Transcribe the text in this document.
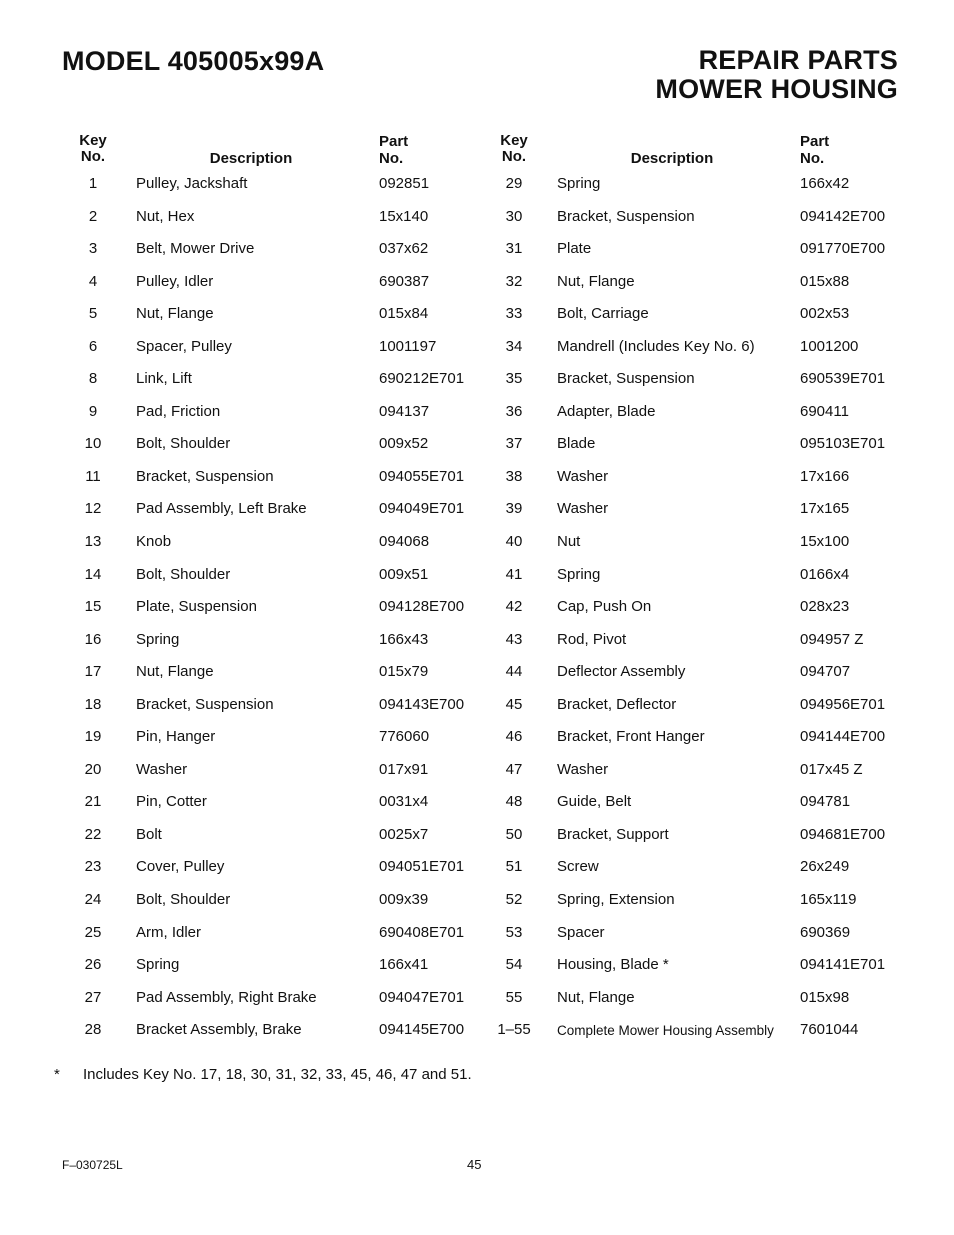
MODEL 405005x99A	REPAIR PARTS
MOWER HOUSING
Key
No.	Description
Part No.
1	Pulley, Jackshaft	092851
2	Nut, Hex	15x140
3	Belt, Mower Drive	037x62
4	Pulley, Idler	690387
5	Nut, Flange	015x84
6	Spacer, Pulley	1001197
8	Link, Lift	690212E701
9	Pad, Friction	094137
10	Bolt, Shoulder	009x52
11	Bracket, Suspension	094055E701
12	Pad Assembly, Left Brake	094049E701
13	Knob	094068
14	Bolt, Shoulder	009x51
15	Plate, Suspension	094128E700
16	Spring	166x43
17	Nut, Flange	015x79
18	Bracket, Suspension	094143E700
19	Pin, Hanger	776060
20	Washer	017x91
21	Pin, Cotter	0031x4
22	Bolt	0025x7
23	Cover, Pulley	094051E701
24	Bolt, Shoulder	009x39
25	Arm, Idler	690408E701
26	Spring	166x41
27	Pad Assembly, Right Brake	094047E701
28	Bracket Assembly, Brake	094145E700
Key
No.	Description
Part No.
29	Spring	166x42
30	Bracket, Suspension	094142E700
31	Plate	091770E700
32	Nut, Flange	015x88
33	Bolt, Carriage	002x53
34	Mandrell (Includes Key No. 6)	1001200
35	Bracket, Suspension	690539E701
36	Adapter, Blade	690411
37	Blade	095103E701
38	Washer	17x166
39	Washer	17x165
40	Nut	15x100
41	Spring	0166x4
42	Cap, Push On	028x23
43	Rod, Pivot	094957 Z
44	Deflector Assembly	094707
45	Bracket, Deflector	094956E701
46	Bracket, Front Hanger	094144E700
47	Washer	017x45 Z
48	Guide, Belt	094781
50	Bracket, Support	094681E700
51	Screw	26x249
52	Spring, Extension	165x119
53	Spacer	690369
54	Housing, Blade *	094141E701
55	Nut, Flange	015x98
1–55	Complete Mower Housing Assembly 7601044
* Includes Key No. 17, 18, 30, 31, 32, 33, 45, 46, 47 and 51.
F–030725L	45
